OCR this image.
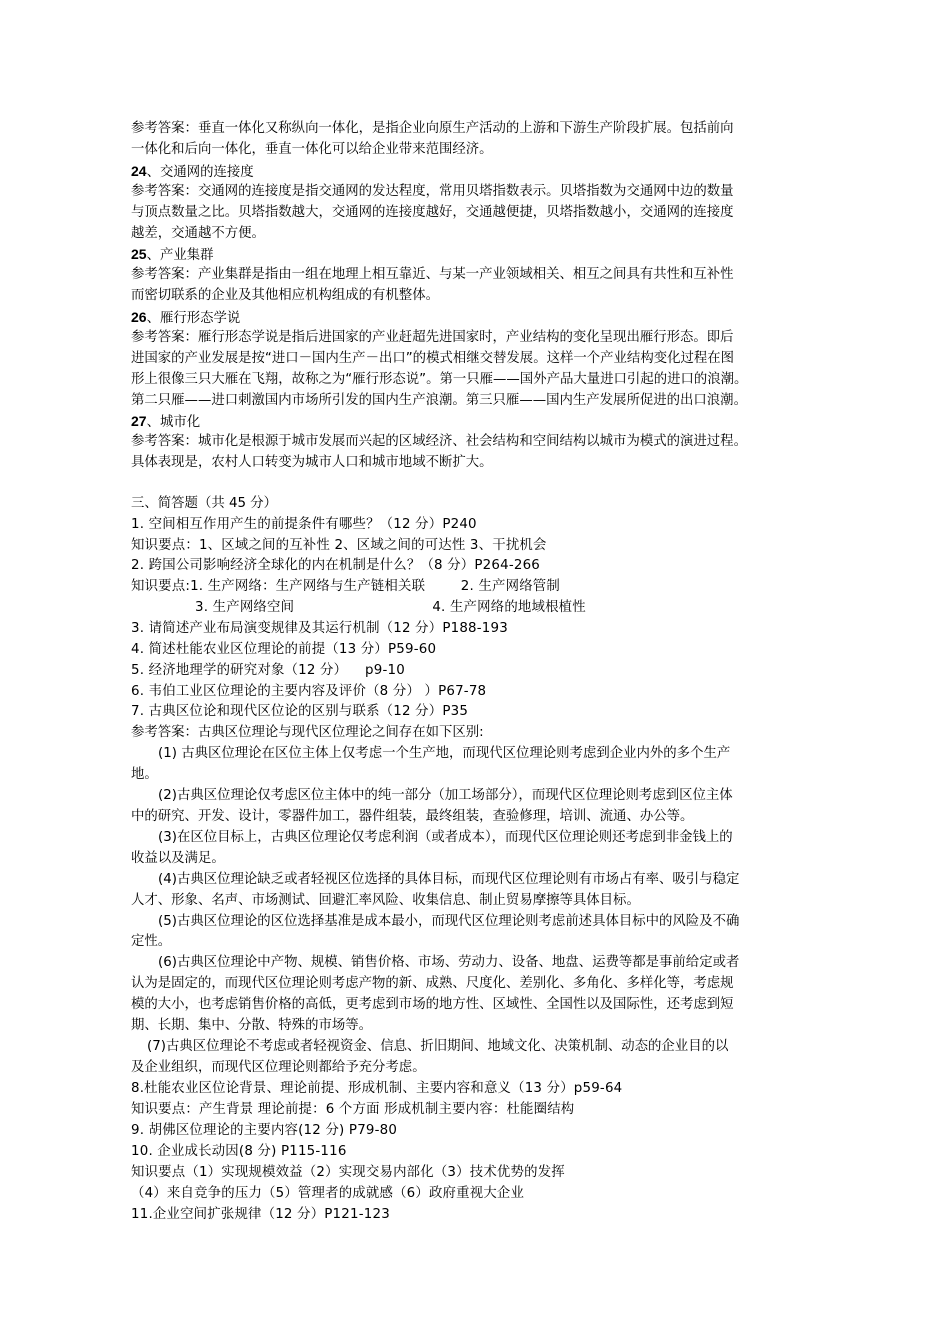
参考答案：垂直一体化又称纵向一体化，是指企业向原生产活动的上游和下游生产阶段扩展。包括前向
一体化和后向一体化，垂直一体化可以给企业带来范围经济。
24、交通网的连接度
参考答案：交通网的连接度是指交通网的发达程度，常用贝塔指数表示。贝塔指数为交通网中边的数量
与顶点数量之比。贝塔指数越大，交通网的连接度越好，交通越便捷，贝塔指数越小，交通网的连接度
越差，交通越不方便。
25、产业集群
参考答案：产业集群是指由一组在地理上相互靠近、与某一产业领域相关、相互之间具有共性和互补性
而密切联系的企业及其他相应机构组成的有机整体。
26、雁行形态学说
参考答案：雁行形态学说是指后进国家的产业赶超先进国家时，产业结构的变化呈现出雁行形态。即后
进国家的产业发展是按“进口－国内生产－出口”的模式相继交替发展。这样一个产业结构变化过程在图
形上很像三只大雁在飞翔，故称之为“雁行形态说”。第一只雁——国外产品大量进口引起的进口的浪潮。
第二只雁——进口刺激国内市场所引发的国内生产浪潮。第三只雁——国内生产发展所促进的出口浪潮。
27、城市化
参考答案：城市化是根源于城市发展而兴起的区域经济、社会结构和空间结构以城市为模式的演进过程。
具体表现是，农村人口转变为城市人口和城市地域不断扩大。
三、简答题（共 45 分）
1. 空间相互作用产生的前提条件有哪些？（12 分）P240
知识要点：1、区域之间的互补性 2、区域之间的可达性 3、干扰机会
2. 跨国公司影响经济全球化的内在机制是什么？（8 分）P264-266
知识要点:1. 生产网络：生产网络与生产链相关联        2. 生产网络管制
3. 生产网络空间                               4. 生产网络的地域根植性
3. 请简述产业布局演变规律及其运行机制（12 分）P188-193
4. 简述杜能农业区位理论的前提（13 分）P59-60
5. 经济地理学的研究对象（12 分）    p9-10
6. 韦伯工业区位理论的主要内容及评价（8 分） ）P67-78
7. 古典区位论和现代区位论的区别与联系（12 分）P35
参考答案：古典区位理论与现代区位理论之间存在如下区别:
(1) 古典区位理论在区位主体上仅考虑一个生产地，而现代区位理论则考虑到企业内外的多个生产
地。
(2)古典区位理论仅考虑区位主体中的纯一部分（加工场部分），而现代区位理论则考虑到区位主体
中的研究、开发、设计，零器件加工，器件组装，最终组装，查验修理，培训、流通、办公等。
(3)在区位目标上，古典区位理论仅考虑利润（或者成本），而现代区位理论则还考虑到非金钱上的
收益以及满足。
(4)古典区位理论缺乏或者轻视区位选择的具体目标，而现代区位理论则有市场占有率、吸引与稳定
人才、形象、名声、市场测试、回避汇率风险、收集信息、制止贸易摩擦等具体目标。
(5)古典区位理论的区位选择基准是成本最小，而现代区位理论则考虑前述具体目标中的风险及不确
定性。
(6)古典区位理论中产物、规模、销售价格、市场、劳动力、设备、地盘、运费等都是事前给定或者
认为是固定的，而现代区位理论则考虑产物的新、成熟、尺度化、差别化、多角化、多样化等，考虑规
模的大小，也考虑销售价格的高低，更考虑到市场的地方性、区域性、全国性以及国际性，还考虑到短
期、长期、集中、分散、特殊的市场等。
(7)古典区位理论不考虑或者轻视资金、信息、折旧期间、地域文化、决策机制、动态的企业目的以
及企业组织，而现代区位理论则都给予充分考虑。
8.杜能农业区位论背景、理论前提、形成机制、主要内容和意义（13 分）p59-64
知识要点：产生背景 理论前提：6 个方面 形成机制主要内容：杜能圈结构
9. 胡佛区位理论的主要内容(12 分) P79-80
10. 企业成长动因(8 分) P115-116
知识要点（1）实现规模效益（2）实现交易内部化（3）技术优势的发挥
（4）来自竞争的压力（5）管理者的成就感（6）政府重视大企业
11.企业空间扩张规律（12 分）P121-123
